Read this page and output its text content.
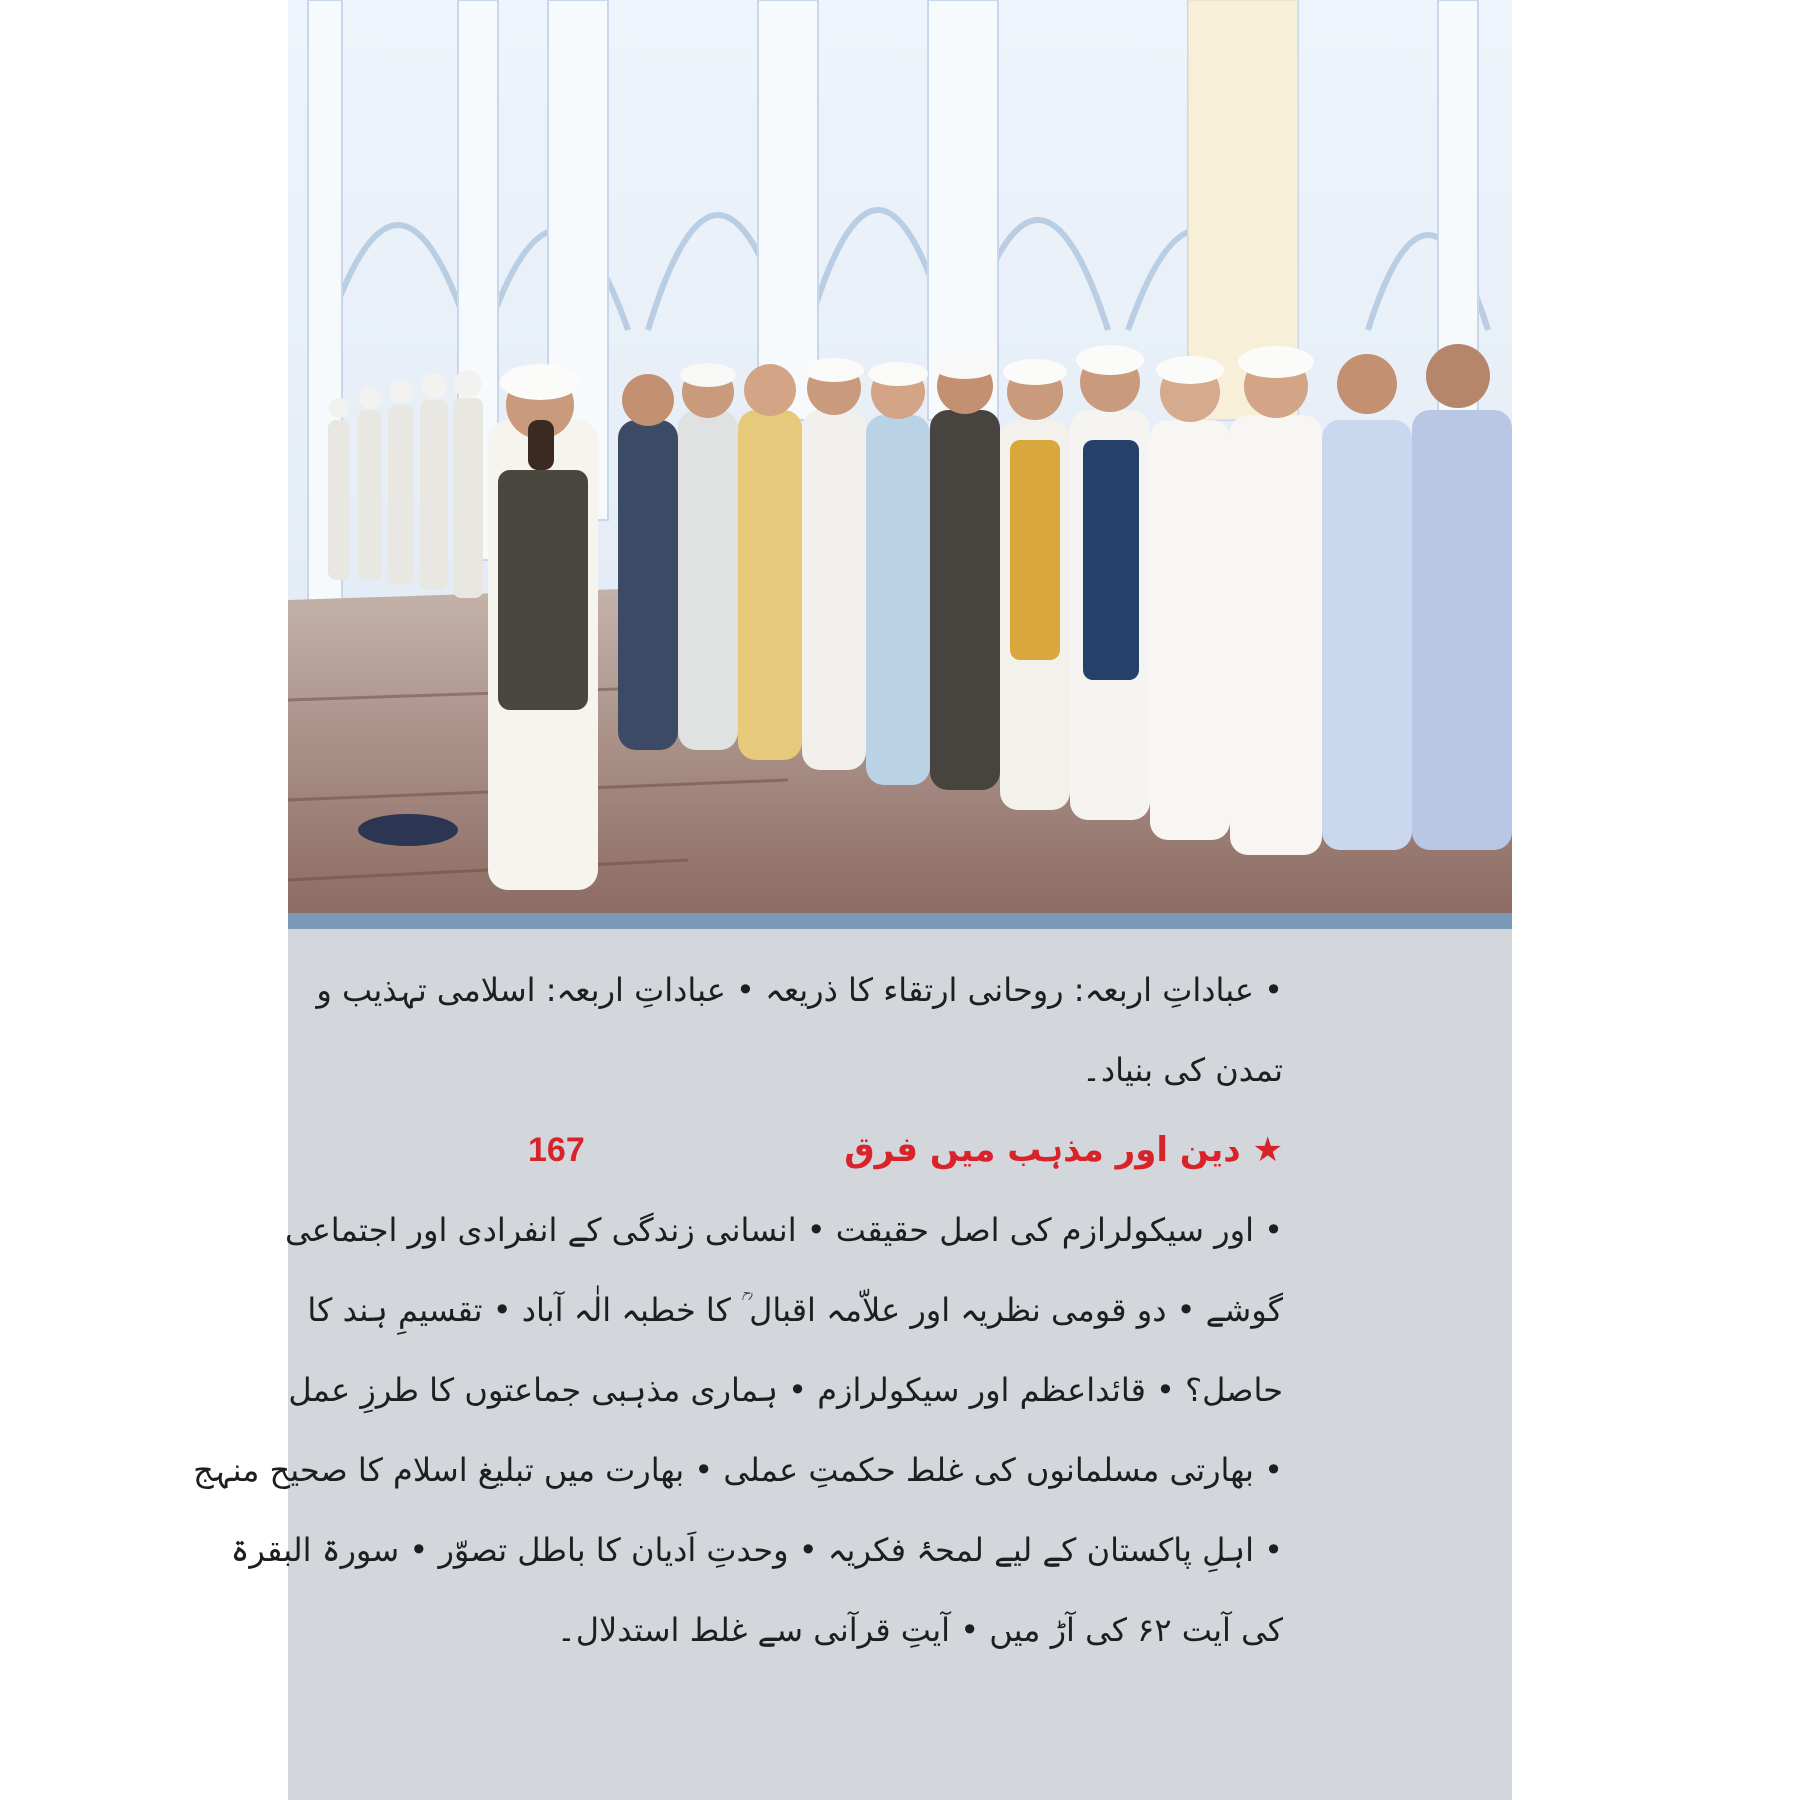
• عباداتِ اربعہ: روحانی ارتقاء کا ذریعہ • عباداتِ اربعہ: اسلامی تہذیب و
تمدن کی بنیاد۔
★ دین اور مذہب میں فرق
167
• اور سیکولرازم کی اصل حقیقت • انسانی زندگی کے انفرادی اور اجتماعی
گوشے • دو قومی نظریہ اور علاّمہ اقبال ؒ کا خطبہ الٰہ آباد • تقسیمِ ہند کا
حاصل؟ • قائداعظم اور سیکولرازم • ہماری مذہبی جماعتوں کا طرزِ عمل
• بھارتی مسلمانوں کی غلط حکمتِ عملی • بھارت میں تبلیغ اسلام کا صحیح منہج
• اہلِ پاکستان کے لیے لمحۂ فکریہ • وحدتِ اَدیان کا باطل تصوّر • سورۃ البقرۃ
کی آیت ۶۲ کی آڑ میں • آیتِ قرآنی سے غلط استدلال۔
